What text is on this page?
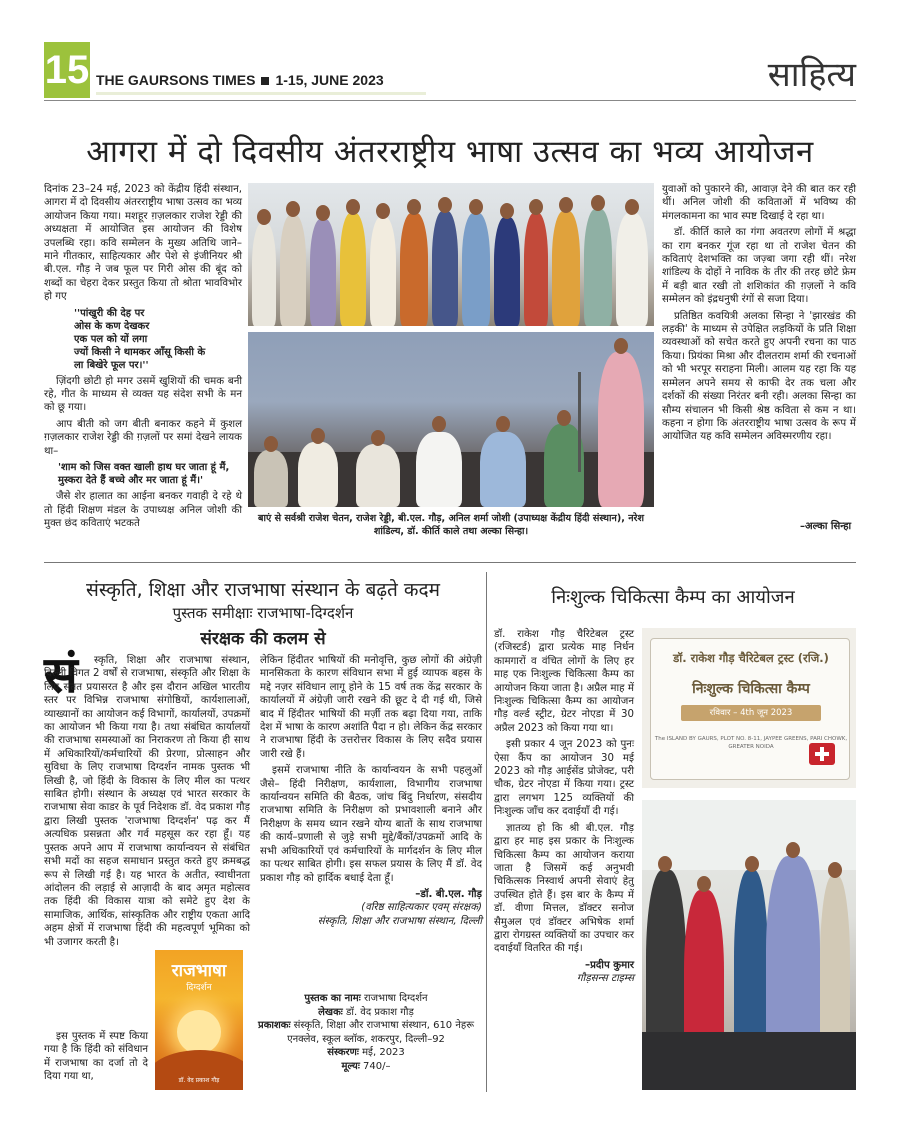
15 THE GAURSONS TIMES 1-15, JUNE 2023	साहित्य
आगरा में दो दिवसीय अंतरराष्ट्रीय भाषा उत्सव का भव्य आयोजन

दिनांक 23–24 मई, 2023 को केंद्रीय हिंदी संस्थान, आगरा में दो दिवसीय अंतरराष्ट्रीय भाषा उत्सव का भव्य आयोजन किया गया। मशहूर ग़ज़लकार राजेश रेड्डी की अध्यक्षता में आयोजित इस आयोजन की विशेष उपलब्धि रहा। कवि सम्मेलन के मुख्य अतिथि जाने–माने गीतकार, साहित्यकार और पेशे से इंजीनियर श्री बी.एल. गौड़ ने जब फूल पर गिरी ओस की बूंद को शब्दों का चेहरा देकर प्रस्तुत किया तो श्रोता भावविभोर हो गए

''पांखुरी की देह पर
ओस के कण देखकर
एक पल को यों लगा
ज्यों किसी ने थामकर आँसू किसी के
ला बिखेरे फूल पर।''

ज़िंदगी छोटी हो मगर उसमें खुशियों की चमक बनी रहे, गीत के माध्यम से व्यक्त यह संदेश सभी के मन को छू गया।

आप बीती को जग बीती बनाकर कहने में कुशल ग़ज़लकार राजेश रेड्डी की ग़ज़लों पर समां देखने लायक था–

'शाम को जिस वक्त खाली हाथ घर जाता हूं मैं,
मुस्करा देते हैं बच्चे और मर जाता हूं मैं।'

जैसे शेर हालात का आईना बनकर गवाही दे रहे थे तो हिंदी शिक्षण मंडल के उपाध्यक्ष अनिल जोशी की मुक्त छंद कविताएं भटकते	बाएं से सर्वश्री राजेश चेतन, राजेश रेड्डी, बी.एल. गौड़, अनिल शर्मा जोशी (उपाध्यक्ष केंद्रीय हिंदी संस्थान), नरेश शांडिल्य, डॉ. कीर्ति काले तथा अल्का सिन्हा।

युवाओं को पुकारने की, आवाज़ देने की बात कर रही थीं। अनिल जोशी की कविताओं में भविष्य की मंगलकामना का भाव स्पष्ट दिखाई दे रहा था।

डॉ. कीर्ति काले का गंगा अवतरण लोगों में श्रद्धा का राग बनकर गूंज रहा था तो राजेश चेतन की कविताएं देशभक्ति का जज़्बा जगा रही थीं। नरेश शांडिल्य के दोहों ने नाविक के तीर की तरह छोटे फ्रेम में बड़ी बात रखी तो शशिकांत की ग़ज़लों ने कवि सम्मेलन को इंद्रधनुषी रंगों से सजा दिया।

प्रतिष्ठित कवयित्री अलका सिन्हा ने 'झारखंड की लड़की' के माध्यम से उपेक्षित लड़कियों के प्रति शिक्षा व्यवस्थाओं को सचेत करते हुए अपनी रचना का पाठ किया। प्रियंका मिश्रा और दीलतराम शर्मा की रचनाओं को भी भरपूर सराहना मिली। आलम यह रहा कि यह सम्मेलन अपने समय से काफी देर तक चला और दर्शकों की संख्या निरंतर बनी रही। अलका सिन्हा का सौम्य संचालन भी किसी श्रेष्ठ कविता से कम न था। कहना न होगा कि अंतरराष्ट्रीय भाषा उत्सव के रूप में आयोजित यह कवि सम्मेलन अविस्मरणीय रहा।

–अल्का सिन्हा
संस्कृति, शिक्षा और राजभाषा संस्थान के बढ़ते कदम
पुस्तक समीक्षाः राजभाषा-दिग्दर्शन
संरक्षक की कलम से
सं	स्कृति, शिक्षा और राजभाषा संस्थान, दिल्ली विगत 2 वर्षों से राजभाषा, संस्कृति और शिक्षा के लिए सतत प्रयासरत है और इस दौरान अखिल भारतीय स्तर पर विभिन्न राजभाषा संगोष्ठियों, कार्यशालाओं, व्याख्यानों का आयोजन कई विभागों, कार्यालयों, उपक्रमों का आयोजन भी किया गया है। तथा संबंधित कार्यालयों की राजभाषा समस्याओं का निराकरण तो किया ही साथ में अधिकारियों/कर्मचारियों की प्रेरणा, प्रोत्साहन और सुविधा के लिए राजभाषा दिग्दर्शन नामक पुस्तक भी लिखी है, जो हिंदी के विकास के लिए मील का पत्थर साबित होगी। संस्थान के अध्यक्ष एवं भारत सरकार के राजभाषा सेवा काडर के पूर्व निदेशक डॉ. वेद प्रकाश गौड़ द्वारा लिखी पुस्तक 'राजभाषा दिग्दर्शन' पढ़ कर मैं अत्यधिक प्रसन्नता और गर्व महसूस कर रहा हूँ। यह पुस्तक अपने आप में राजभाषा कार्यान्वयन से संबंधित सभी मदों का सहज समाधान प्रस्तुत करते हुए क्रमबद्ध रूप से लिखी गई है। यह भारत के अतीत, स्वाधीनता आंदोलन की लड़ाई से आज़ादी के बाद अमृत महोत्सव तक हिंदी की विकास यात्रा को समेटे हुए देश के सामाजिक, आर्थिक, सांस्कृतिक और राष्ट्रीय एकता आदि अहम क्षेत्रों में राजभाषा हिंदी की महत्वपूर्ण भूमिका को भी उजागर करती है।

इस पुस्तक में स्पष्ट किया गया है कि हिंदी को संविधान में राजभाषा का दर्जा तो दे दिया गया था,

लेकिन हिंदीतर भाषियों की मनोवृत्ति, कुछ लोगों की अंग्रेज़ी मानसिकता के कारण संविधान सभा में हुई व्यापक बहस के मद्दे नज़र संविधान लागू होने के 15 वर्ष तक केंद्र सरकार के कार्यालयों में अंग्रेज़ी जारी रखने की छूट दे दी गई थी, जिसे बाद में हिंदीतर भाषियों की मर्ज़ी तक बढ़ा दिया गया, ताकि देश में भाषा के कारण अशांति पैदा न हो। लेकिन केंद्र सरकार ने राजभाषा हिंदी के उत्तरोत्तर विकास के लिए सदैव प्रयास जारी रखे हैं।

इसमें राजभाषा नीति के कार्यान्वयन के सभी पहलुओं जैसे– हिंदी निरीक्षण, कार्यशाला, विभागीय राजभाषा कार्यान्वयन समिति की बैठक, जांच बिंदु निर्धारण, संसदीय राजभाषा समिति के निरीक्षण को प्रभावशाली बनाने और निरीक्षण के समय ध्यान रखने योग्य बातों के साथ राजभाषा की कार्य–प्रणाली से जुड़े सभी मुद्दे/बैंकों/उपक्रमों आदि के सभी अधिकारियों एवं कर्मचारियों के मार्गदर्शन के लिए मील का पत्थर साबित होगी। इस सफल प्रयास के लिए मैं डॉ. वेद प्रकाश गौड़ को हार्दिक बधाई देता हूँ।

–डॉ. बी.एल. गौड़
(वरिष्ठ साहित्यकार एवम् संरक्षक)
संस्कृति, शिक्षा और राजभाषा संस्थान, दिल्ली
राजभाषा
दिग्दर्शन
डॉ. वेद प्रकाश गौड़
पुस्तक का नामः राजभाषा दिग्दर्शन
लेखकः डॉ. वेद प्रकाश गौड़
प्रकाशकः संस्कृति, शिक्षा और राजभाषा संस्थान, 610 नेहरू एनक्लेव, स्कूल ब्लॉक, शकरपुर, दिल्ली–92
संस्करणः मई, 2023
मूल्यः 740/–
निःशुल्क चिकित्सा कैम्प का आयोजन

डॉ. राकेश गौड़ चैरिटेबल ट्रस्ट (रजिस्टर्ड) द्वारा प्रत्येक माह निर्धन कामगारों व वंचित लोगों के लिए हर माह एक निःशुल्क चिकित्सा कैम्प का आयोजन किया जाता है। अप्रैल माह में निःशुल्क चिकित्सा कैम्प का आयोजन गौड़ वर्ल्ड स्ट्रीट, ग्रेटर नोएडा में 30 अप्रैल 2023 को किया गया था।

इसी प्रकार 4 जून 2023 को पुनः ऐसा कैंप का आयोजन 30 मई 2023 को गौड़ आईसेंड प्रोजेक्ट, परी चौक, ग्रेटर नोएडा में किया गया। ट्रस्ट द्वारा लगभग 125 व्यक्तियों की निःशुल्क जाँच कर दवाईयाँ दी गई।

ज्ञातव्य हो कि श्री बी.एल. गौड़ द्वारा हर माह इस प्रकार के निःशुल्क चिकित्सा कैम्प का आयोजन कराया जाता है जिसमें कई अनुभवी चिकित्सक निस्वार्थ अपनी सेवाएं हेतु उपस्थित होते हैं। इस बार के कैम्प में डॉ. वीणा मित्तल, डॉक्टर सनोज सैमुअल एवं डॉक्टर अभिषेक शर्मा द्वारा रोगग्रस्त व्यक्तियों का उपचार कर दवाईयाँ वितरित की गई।

–प्रदीप कुमार
गौड़सन्स टाइम्स
डॉ. राकेश गौड़ चैरिटेबल ट्रस्ट (रजि.)
निःशुल्क चिकित्सा कैम्प
रविवार – 4th जून 2023
The ISLAND BY GAURS, PLOT NO. 8-11, JAYPEE GREENS, PARI CHOWK, GREATER NOIDA
